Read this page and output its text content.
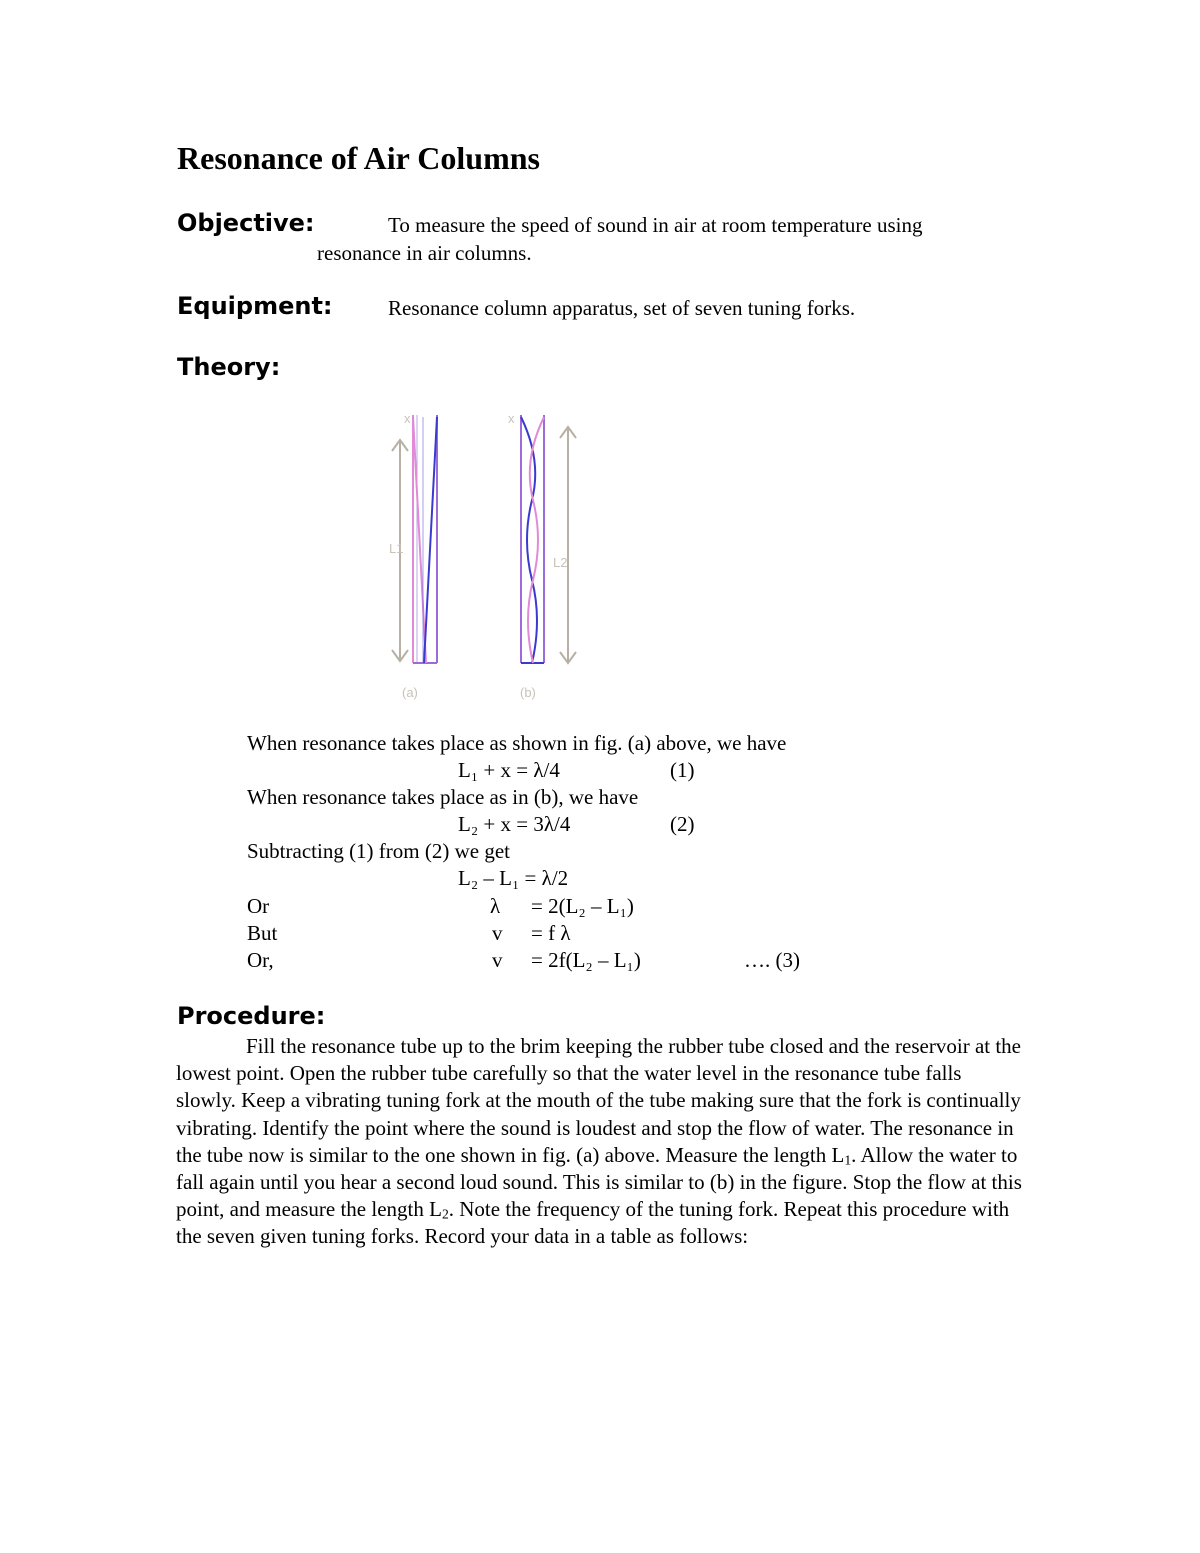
Resonance of Air Columns
Objective:	To measure the speed of sound in air at room temperature using
resonance in air columns.
Equipment:	Resonance column apparatus, set of seven tuning forks.
Theory:
x
L1
(a)
x
L2
(b)
When resonance takes place as shown in fig. (a) above, we have
L₁ + x = λ/4	(1)
When resonance takes place as in (b), we have
L₂ + x = 3λ/4	(2)
Subtracting (1) from (2) we get
L₂ – L₁ = λ/2
Or	λ = 2(L₂ – L₁)
But	v = f λ
Or,	v = 2f(L₂ – L₁)	…. (3)
Procedure:
Fill the resonance tube up to the brim keeping the rubber tube closed and the reservoir at the lowest point. Open the rubber tube carefully so that the water level in the resonance tube falls slowly. Keep a vibrating tuning fork at the mouth of the tube making sure that the fork is continually vibrating. Identify the point where the sound is loudest and stop the flow of water. The resonance in the tube now is similar to the one shown in fig. (a) above. Measure the length $L_1$. Allow the water to fall again until you hear a second loud sound. This is similar to (b) in the figure. Stop the flow at this point, and measure the length $L_2$. Note the frequency of the tuning fork. Repeat this procedure with the seven given tuning forks. Record your data in a table as follows:
